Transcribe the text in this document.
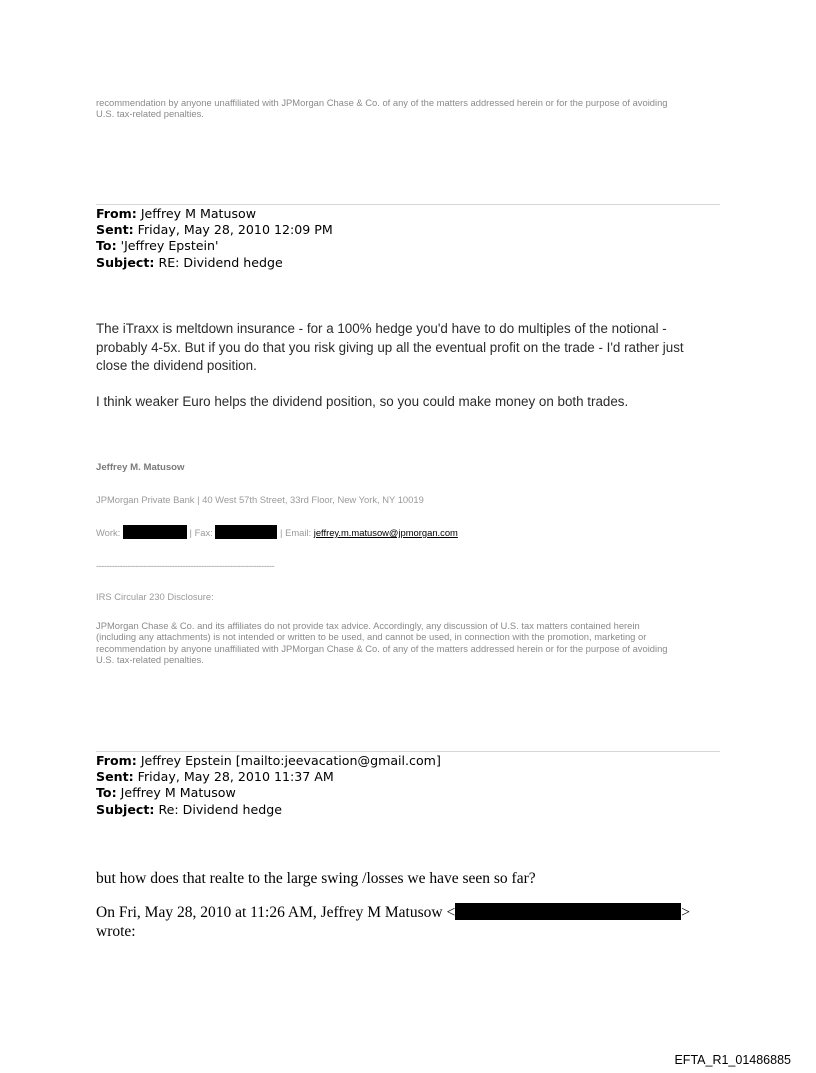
recommendation by anyone unaffiliated with JPMorgan Chase & Co. of any of the matters addressed herein or for the purpose of avoiding
U.S. tax-related penalties.
From: Jeffrey M Matusow
Sent: Friday, May 28, 2010 12:09 PM
To: 'Jeffrey Epstein'
Subject: RE: Dividend hedge
The iTraxx is meltdown insurance - for a 100% hedge you'd have to do multiples of the notional -
probably 4-5x. But if you do that you risk giving up all the eventual profit on the trade - I'd rather just
close the dividend position.
I think weaker Euro helps the dividend position, so you could make money on both trades.
Jeffrey M. Matusow
JPMorgan Private Bank | 40 West 57th Street, 33rd Floor, New York, NY 10019
Work:	| Fax:	| Email: jeffrey.m.matusow@jpmorgan.com
--------------------------------------------------------------------
IRS Circular 230 Disclosure:
JPMorgan Chase & Co. and its affiliates do not provide tax advice. Accordingly, any discussion of U.S. tax matters contained herein
(including any attachments) is not intended or written to be used, and cannot be used, in connection with the promotion, marketing or
recommendation by anyone unaffiliated with JPMorgan Chase & Co. of any of the matters addressed herein or for the purpose of avoiding
U.S. tax-related penalties.
From: Jeffrey Epstein [mailto:jeevacation@gmail.com]
Sent: Friday, May 28, 2010 11:37 AM
To: Jeffrey M Matusow
Subject: Re: Dividend hedge
but how does that realte to the large swing /losses we have seen so far?
On Fri, May 28, 2010 at 11:26 AM, Jeffrey M Matusow <	>
wrote:
EFTA_R1_01486885
